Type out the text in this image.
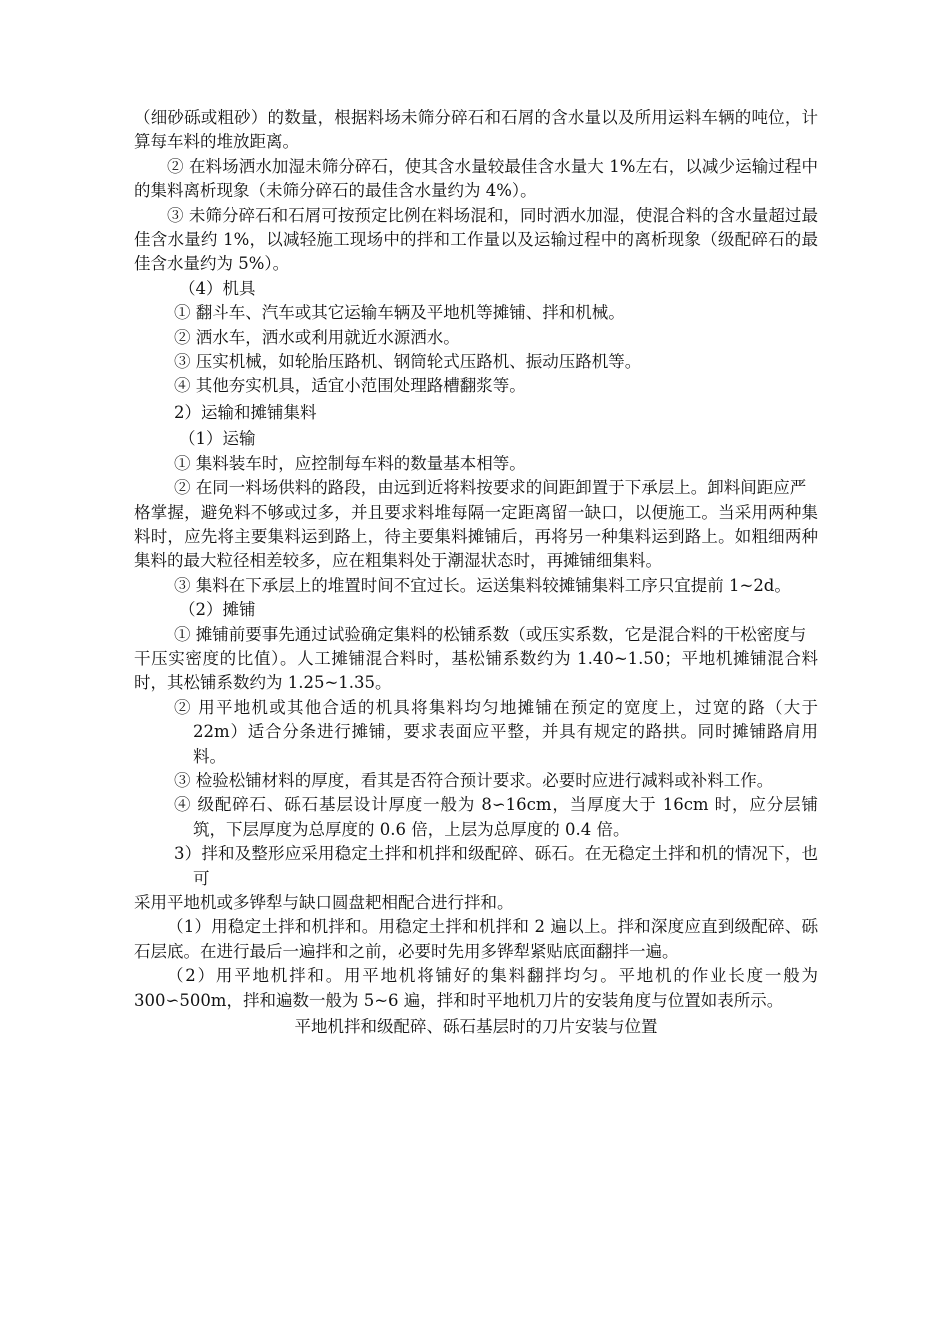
（细砂砾或粗砂）的数量，根据料场未筛分碎石和石屑的含水量以及所用运料车辆的吨位，计算每车料的堆放距离。

② 在料场洒水加湿未筛分碎石，使其含水量较最佳含水量大 1%左右，以减少运输过程中的集料离析现象（未筛分碎石的最佳含水量约为 4%）。

③ 未筛分碎石和石屑可按预定比例在料场混和，同时洒水加湿，使混合料的含水量超过最佳含水量约 1%，以减轻施工现场中的拌和工作量以及运输过程中的离析现象（级配碎石的最佳含水量约为 5%）。

（4）机具

① 翻斗车、汽车或其它运输车辆及平地机等摊铺、拌和机械。

② 洒水车，洒水或利用就近水源洒水。

③ 压实机械，如轮胎压路机、钢筒轮式压路机、振动压路机等。

④ 其他夯实机具，适宜小范围处理路槽翻浆等。

2）运输和摊铺集料

（1）运输

① 集料装车时，应控制每车料的数量基本相等。

② 在同一料场供料的路段，由远到近将料按要求的间距卸置于下承层上。卸料间距应严

格掌握，避免料不够或过多，并且要求料堆每隔一定距离留一缺口，以便施工。当采用两种集料时，应先将主要集料运到路上，待主要集料摊铺后，再将另一种集料运到路上。如粗细两种集料的最大粒径相差较多，应在粗集料处于潮湿状态时，再摊铺细集料。

③ 集料在下承层上的堆置时间不宜过长。运送集料较摊铺集料工序只宜提前 1~2d。

（2）摊铺

① 摊铺前要事先通过试验确定集料的松铺系数（或压实系数，它是混合料的干松密度与

干压实密度的比值）。人工摊铺混合料时，基松铺系数约为 1.40~1.50；平地机摊铺混合料时，其松铺系数约为 1.25~1.35。

② 用平地机或其他合适的机具将集料均匀地摊铺在预定的宽度上，过宽的路（大于 22m）适合分条进行摊铺，要求表面应平整，并具有规定的路拱。同时摊铺路肩用料。

③ 检验松铺材料的厚度，看其是否符合预计要求。必要时应进行减料或补料工作。

④ 级配碎石、砾石基层设计厚度一般为 8∽16cm，当厚度大于 16cm 时，应分层铺筑，下层厚度为总厚度的 0.6 倍，上层为总厚度的 0.4 倍。

3）拌和及整形应采用稳定土拌和机拌和级配碎、砾石。在无稳定土拌和机的情况下，也可

采用平地机或多铧犁与缺口圆盘耙相配合进行拌和。

（1）用稳定土拌和机拌和。用稳定土拌和机拌和 2 遍以上。拌和深度应直到级配碎、砾石层底。在进行最后一遍拌和之前，必要时先用多铧犁紧贴底面翻拌一遍。

（2）用平地机拌和。用平地机将铺好的集料翻拌均匀。平地机的作业长度一般为 300∽500m，拌和遍数一般为 5~6 遍，拌和时平地机刀片的安装角度与位置如表所示。

平地机拌和级配碎、砾石基层时的刀片安装与位置
